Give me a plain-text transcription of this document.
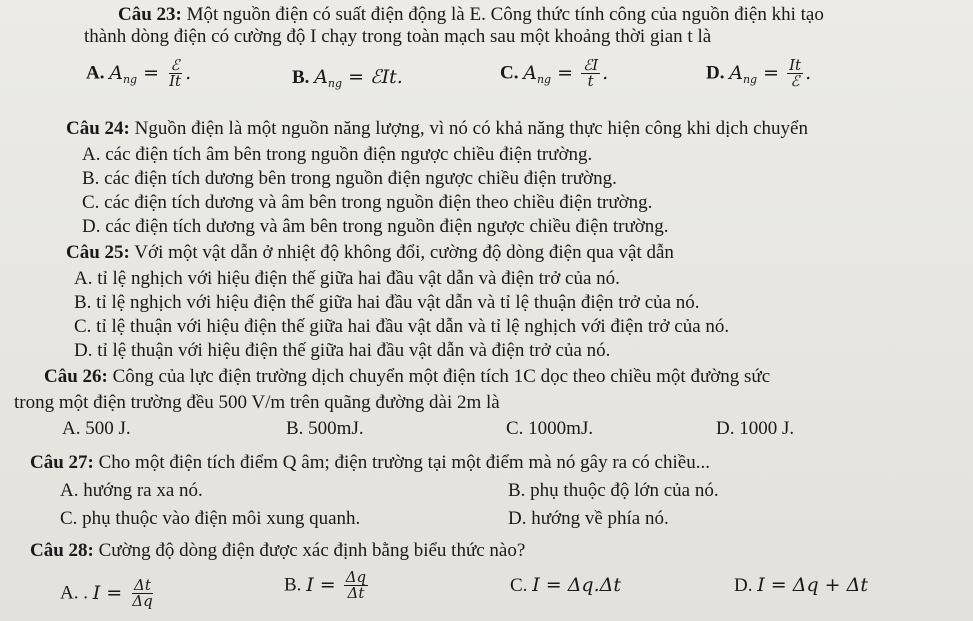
Câu 23: Một nguồn điện có suất điện động là E. Công thức tính công của nguồn điện khi tạo
thành dòng điện có cường độ I chạy trong toàn mạch sau một khoảng thời gian t là
A. $A_{ng} = \frac{\text{ℰ}}{It}$ .	B. $A_{ng}$ = ℰIt.	C. $A_{ng} = \frac{\text{ℰI}}{t}$ .	D. $A_{ng} = \frac{It}{\text{ℰ}}$ .
Câu 24: Nguồn điện là một nguồn năng lượng, vì nó có khả năng thực hiện công khi dịch chuyển
A. các điện tích âm bên trong nguồn điện ngược chiều điện trường.
B. các điện tích dương bên trong nguồn điện ngược chiều điện trường.
C. các điện tích dương và âm bên trong nguồn điện theo chiều điện trường.
D. các điện tích dương và âm bên trong nguồn điện ngược chiều điện trường.
Câu 25: Với một vật dẫn ở nhiệt độ không đổi, cường độ dòng điện qua vật dẫn
A. tỉ lệ nghịch với hiệu điện thế giữa hai đầu vật dẫn và điện trở của nó.
B. tỉ lệ nghịch với hiệu điện thế giữa hai đầu vật dẫn và tỉ lệ thuận điện trở của nó.
C. tỉ lệ thuận với hiệu điện thế giữa hai đầu vật dẫn và tỉ lệ nghịch với điện trở của nó.
D. tỉ lệ thuận với hiệu điện thế giữa hai đầu vật dẫn và điện trở của nó.
Câu 26: Công của lực điện trường dịch chuyển một điện tích 1C dọc theo chiều một đường sức
trong một điện trường đều 500 V/m trên quãng đường dài 2m là
A. 500 J.	B. 500mJ.	C. 1000mJ.	D. 1000 J.
Câu 27: Cho một điện tích điểm Q âm; điện trường tại một điểm mà nó gây ra có chiều...
A. hướng ra xa nó.	B. phụ thuộc độ lớn của nó.
C. phụ thuộc vào điện môi xung quanh.	D. hướng về phía nó.
Câu 28: Cường độ dòng điện được xác định bằng biểu thức nào?
A. . $I = \frac{\Delta t}{\Delta q}$	B. $I = \frac{\Delta q}{\Delta t}$	C. I = Δq.Δt	D. I = Δq + Δt
